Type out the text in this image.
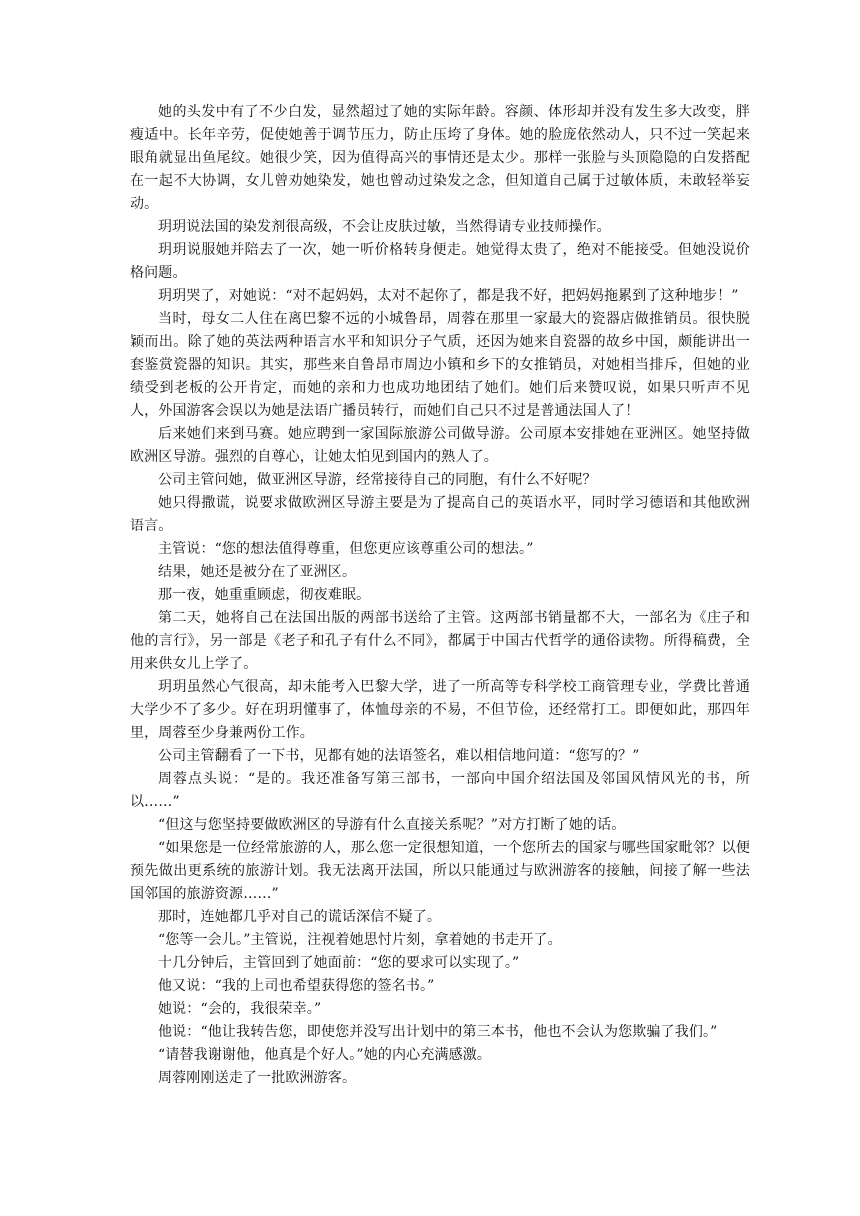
她的头发中有了不少白发，显然超过了她的实际年龄。容颜、体形却并没有发生多大改变，胖瘦适中。长年辛劳，促使她善于调节压力，防止压垮了身体。她的脸庞依然动人，只不过一笑起来眼角就显出鱼尾纹。她很少笑，因为值得高兴的事情还是太少。那样一张脸与头顶隐隐的白发搭配在一起不大协调，女儿曾劝她染发，她也曾动过染发之念，但知道自己属于过敏体质，未敢轻举妄动。

玥玥说法国的染发剂很高级，不会让皮肤过敏，当然得请专业技师操作。

玥玥说服她并陪去了一次，她一听价格转身便走。她觉得太贵了，绝对不能接受。但她没说价格问题。

玥玥哭了，对她说：“对不起妈妈，太对不起你了，都是我不好，把妈妈拖累到了这种地步！”

当时，母女二人住在离巴黎不远的小城鲁昂，周蓉在那里一家最大的瓷器店做推销员。很快脱颖而出。除了她的英法两种语言水平和知识分子气质，还因为她来自瓷器的故乡中国，颇能讲出一套鉴赏瓷器的知识。其实，那些来自鲁昂市周边小镇和乡下的女推销员，对她相当排斥，但她的业绩受到老板的公开肯定，而她的亲和力也成功地团结了她们。她们后来赞叹说，如果只听声不见人，外国游客会误以为她是法语广播员转行，而她们自己只不过是普通法国人了！

后来她们来到马赛。她应聘到一家国际旅游公司做导游。公司原本安排她在亚洲区。她坚持做欧洲区导游。强烈的自尊心，让她太怕见到国内的熟人了。

公司主管问她，做亚洲区导游，经常接待自己的同胞，有什么不好呢？

她只得撒谎，说要求做欧洲区导游主要是为了提高自己的英语水平，同时学习德语和其他欧洲语言。

主管说：“您的想法值得尊重，但您更应该尊重公司的想法。”

结果，她还是被分在了亚洲区。

那一夜，她重重顾虑，彻夜难眠。

第二天，她将自己在法国出版的两部书送给了主管。这两部书销量都不大，一部名为《庄子和他的言行》，另一部是《老子和孔子有什么不同》，都属于中国古代哲学的通俗读物。所得稿费，全用来供女儿上学了。

玥玥虽然心气很高，却未能考入巴黎大学，进了一所高等专科学校工商管理专业，学费比普通大学少不了多少。好在玥玥懂事了，体恤母亲的不易，不但节俭，还经常打工。即便如此，那四年里，周蓉至少身兼两份工作。

公司主管翻看了一下书，见都有她的法语签名，难以相信地问道：“您写的？”

周蓉点头说：“是的。我还准备写第三部书，一部向中国介绍法国及邻国风情风光的书，所以……”

“但这与您坚持要做欧洲区的导游有什么直接关系呢？”对方打断了她的话。

“如果您是一位经常旅游的人，那么您一定很想知道，一个您所去的国家与哪些国家毗邻？以便预先做出更系统的旅游计划。我无法离开法国，所以只能通过与欧洲游客的接触，间接了解一些法国邻国的旅游资源……”

那时，连她都几乎对自己的谎话深信不疑了。

“您等一会儿。”主管说，注视着她思忖片刻，拿着她的书走开了。

十几分钟后，主管回到了她面前：“您的要求可以实现了。”

他又说：“我的上司也希望获得您的签名书。”

她说：“会的，我很荣幸。”

他说：“他让我转告您，即使您并没写出计划中的第三本书，他也不会认为您欺骗了我们。”

“请替我谢谢他，他真是个好人。”她的内心充满感激。

周蓉刚刚送走了一批欧洲游客。
